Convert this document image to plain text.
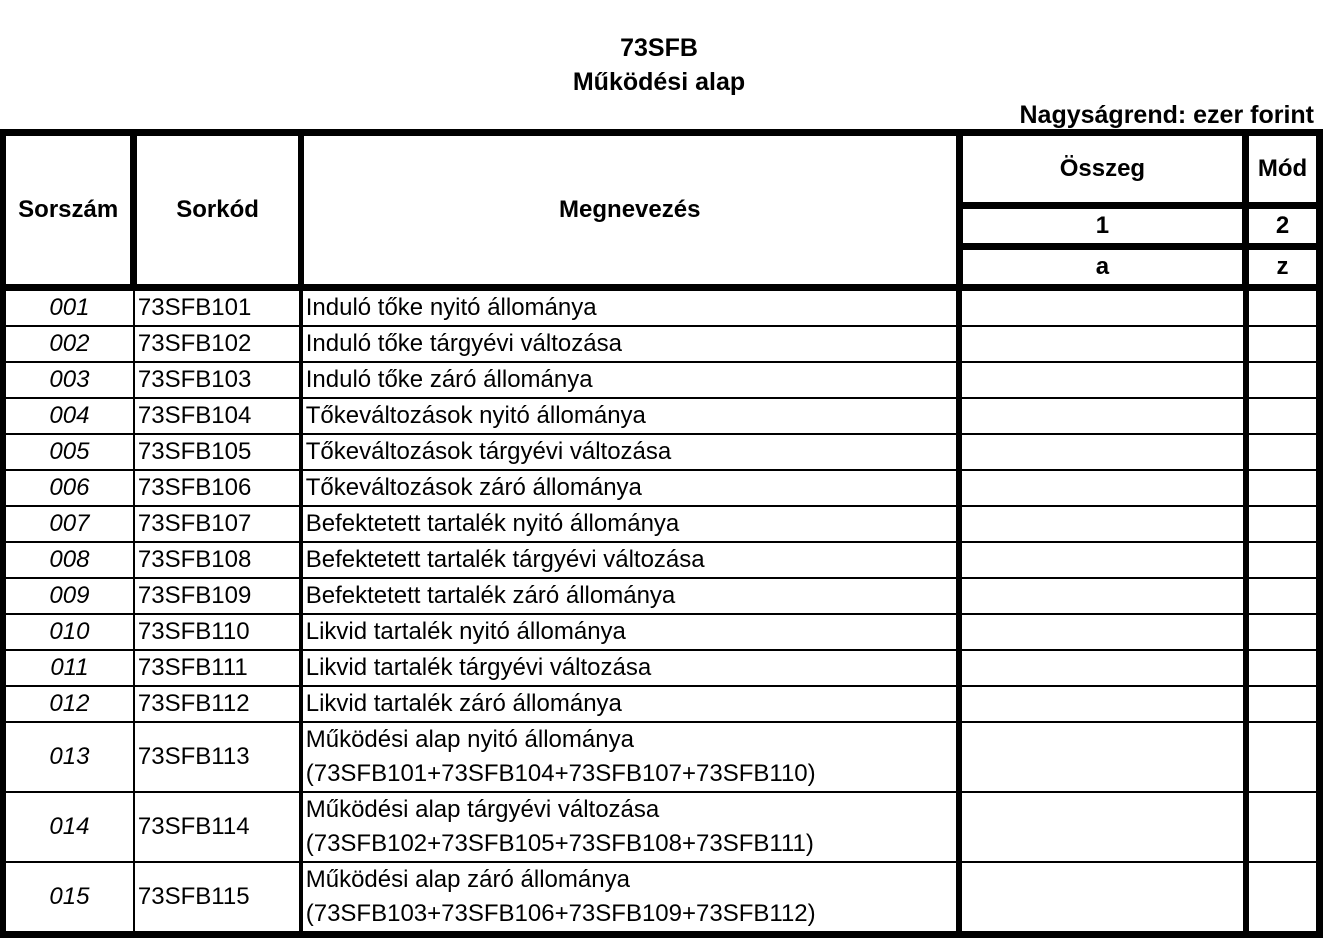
73SFB
Működési alap
Nagyságrend: ezer forint
Sorszám	Sorkód	Megnevezés	Összeg	Mód
			1	2
			a	z
001	73SFB101	Induló tőke nyitó állománya		

002	73SFB102	Induló tőke tárgyévi változása		

003	73SFB103	Induló tőke záró állománya		

004	73SFB104	Tőkeváltozások nyitó állománya		

005	73SFB105	Tőkeváltozások tárgyévi változása		

006	73SFB106	Tőkeváltozások záró állománya		

007	73SFB107	Befektetett tartalék nyitó állománya		

008	73SFB108	Befektetett tartalék tárgyévi változása		

009	73SFB109	Befektetett tartalék záró állománya		

010	73SFB110	Likvid tartalék nyitó állománya		

011	73SFB111	Likvid tartalék tárgyévi változása		

012	73SFB112	Likvid tartalék záró állománya		

013	73SFB113	Működési alap nyitó állománya
(73SFB101+73SFB104+73SFB107+73SFB110)		

014	73SFB114	Működési alap tárgyévi változása
(73SFB102+73SFB105+73SFB108+73SFB111)		

015	73SFB115	Működési alap záró állománya
(73SFB103+73SFB106+73SFB109+73SFB112)		
